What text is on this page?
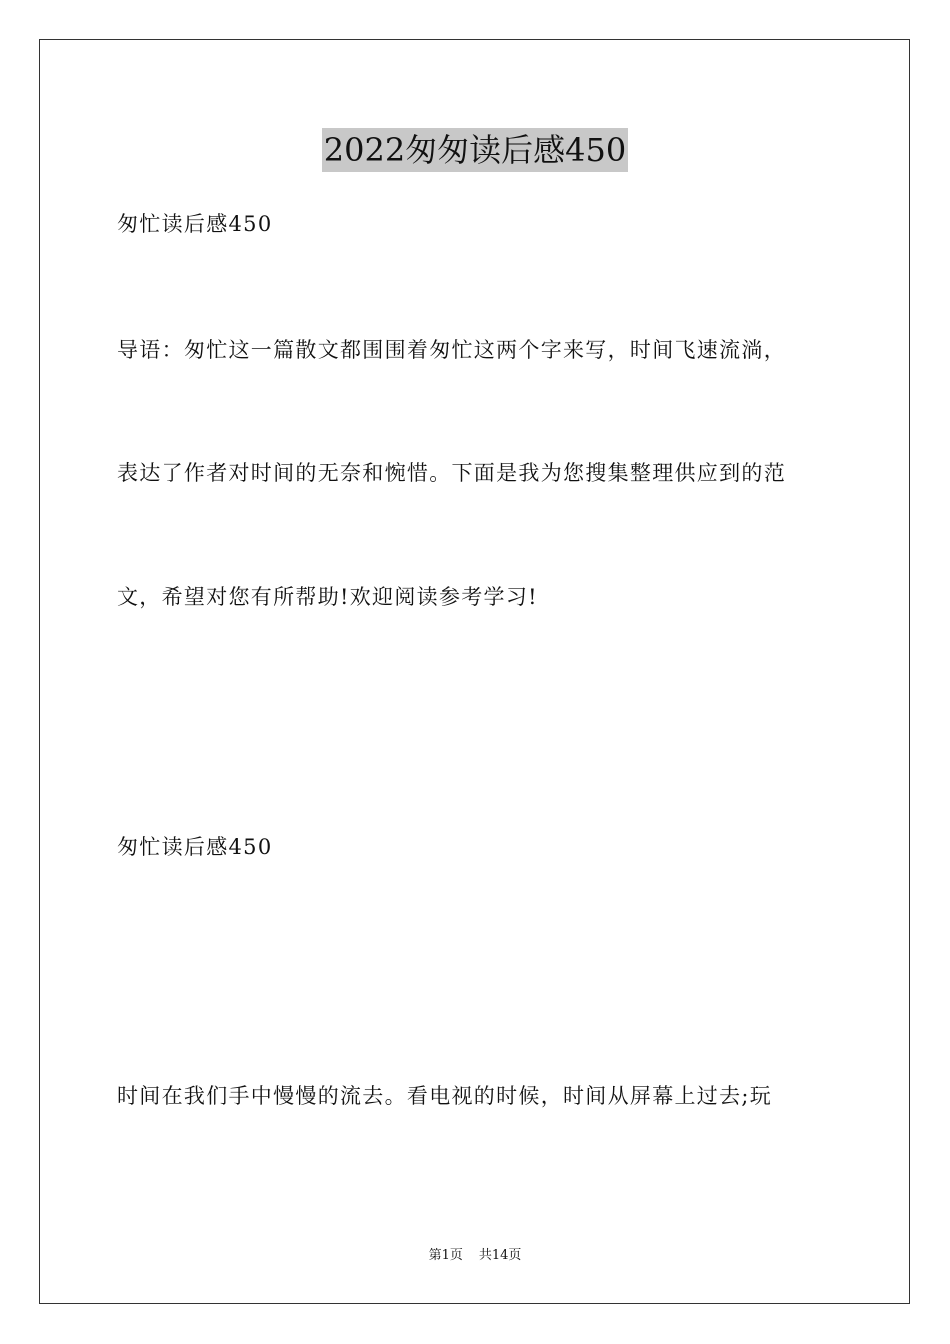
2022匆匆读后感450
匆忙读后感450
导语：匆忙这一篇散文都围围着匆忙这两个字来写，时间飞速流淌，
表达了作者对时间的无奈和惋惜。下面是我为您搜集整理供应到的范
文，希望对您有所帮助!欢迎阅读参考学习!
匆忙读后感450
时间在我们手中慢慢的流去。看电视的时候，时间从屏幕上过去;玩
第1页 共14页
